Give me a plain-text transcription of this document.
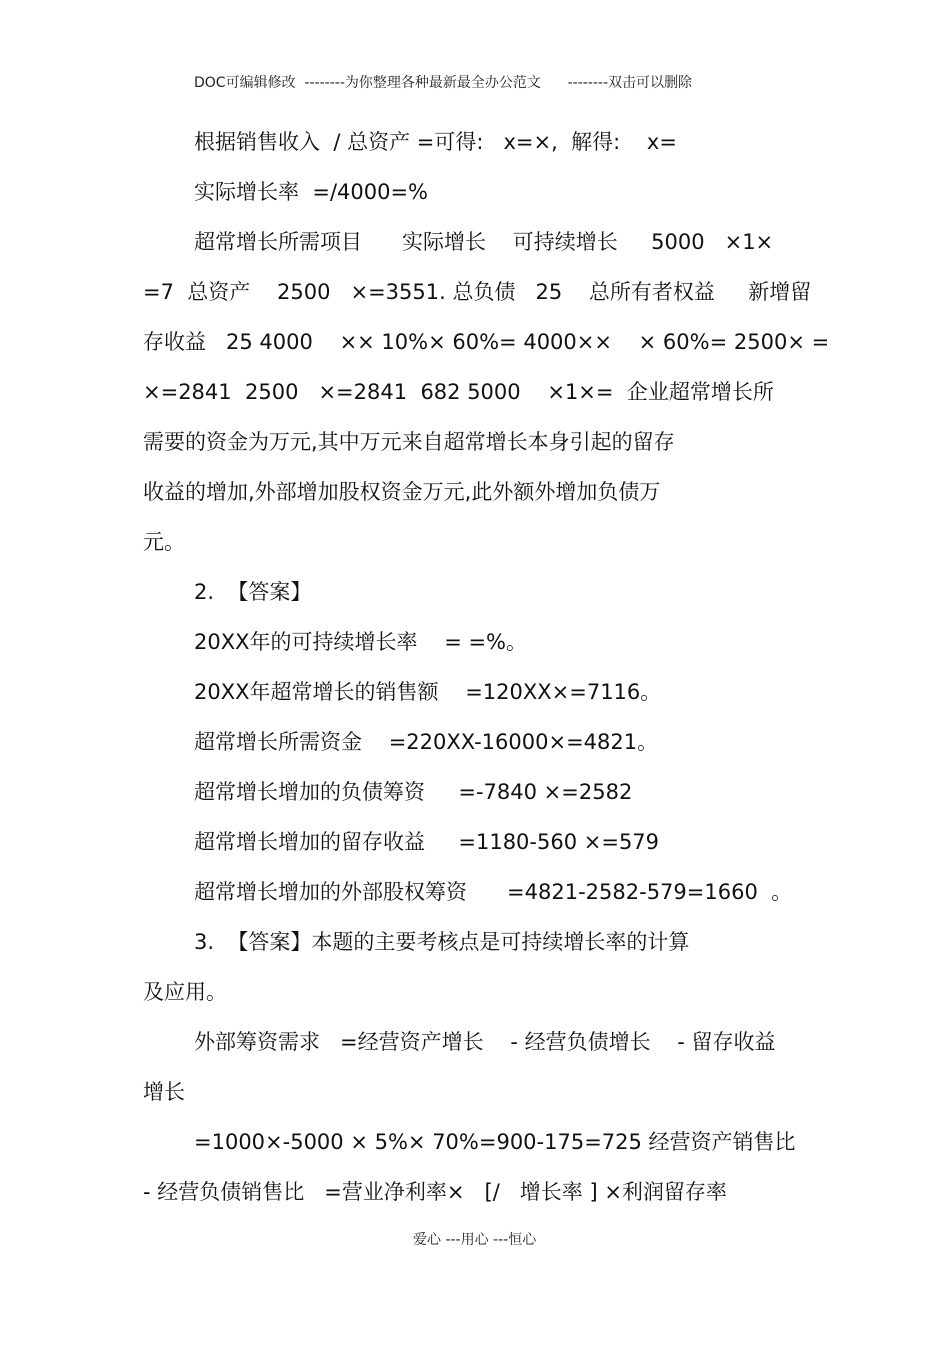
DOC可编辑修改  --------为你整理各种最新最全办公范文      --------双击可以删除
根据销售收入  / 总资产 =可得:   x=×,  解得:    x=
实际增长率  =/4000=%
超常增长所需项目      实际增长    可持续增长     5000   ×1×
=7  总资产    2500   ×=3551. 总负债   25    总所有者权益     新增留
存收益   25 4000    ×× 10%× 60%= 4000××    × 60%= 2500× =
×=2841  2500   ×=2841  682 5000    ×1×=  企业超常增长所
需要的资金为万元,其中万元来自超常增长本身引起的留存
收益的增加,外部增加股权资金万元,此外额外增加负债万
元。
2.  【答案】
20XX年的可持续增长率    = =%。
20XX年超常增长的销售额    =120XX×=7116。
超常增长所需资金    =220XX-16000×=4821。
超常增长增加的负债筹资     =-7840 ×=2582
超常增长增加的留存收益     =1180-560 ×=579
超常增长增加的外部股权筹资      =4821-2582-579=1660  。
3.  【答案】本题的主要考核点是可持续增长率的计算
及应用。
外部筹资需求   =经营资产增长    - 经营负债增长    - 留存收益
增长
=1000×-5000 × 5%× 70%=900-175=725 经营资产销售比
- 经营负债销售比   =营业净利率×   [/   增长率 ] ×利润留存率
爱心 ---用心 ---恒心
